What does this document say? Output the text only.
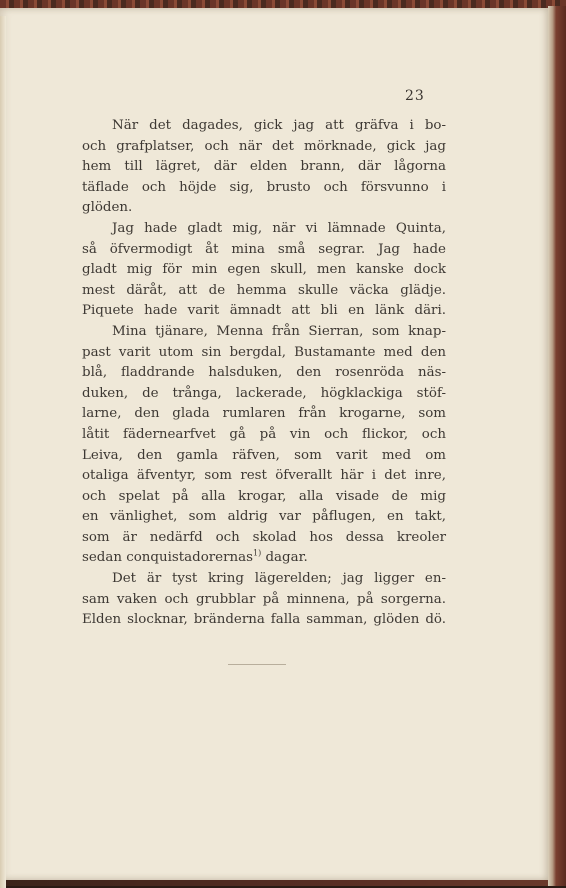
23
När det dagades, gick jag att gräfva i bo-
och grafplatser, och när det mörknade, gick jag
hem till lägret, där elden brann, där lågorna
täflade och höjde sig, brusto och försvunno i
glöden.
Jag hade gladt mig, när vi lämnade Quinta,
så öfvermodigt åt mina små segrar. Jag hade
gladt mig för min egen skull, men kanske dock
mest däråt, att de hemma skulle väcka glädje.
Piquete hade varit ämnadt att bli en länk däri.
Mina tjänare, Menna från Sierran, som knap-
past varit utom sin bergdal, Bustamante med den
blå, fladdrande halsduken, den rosenröda näs-
duken, de trånga, lackerade, högklackiga stöf-
larne, den glada rumlaren från krogarne, som
låtit fädernearfvet gå på vin och flickor, och
Leiva, den gamla räfven, som varit med om
otaliga äfventyr, som rest öfverallt här i det inre,
och spelat på alla krogar, alla visade de mig
en vänlighet, som aldrig var påflugen, en takt,
som är nedärfd och skolad hos dessa kreoler
sedan conquistadorernas$^{1)}$ dagar.
Det är tyst kring lägerelden; jag ligger en-
sam vaken och grubblar på minnena, på sorgerna.
Elden slocknar, bränderna falla samman, glöden dö.
